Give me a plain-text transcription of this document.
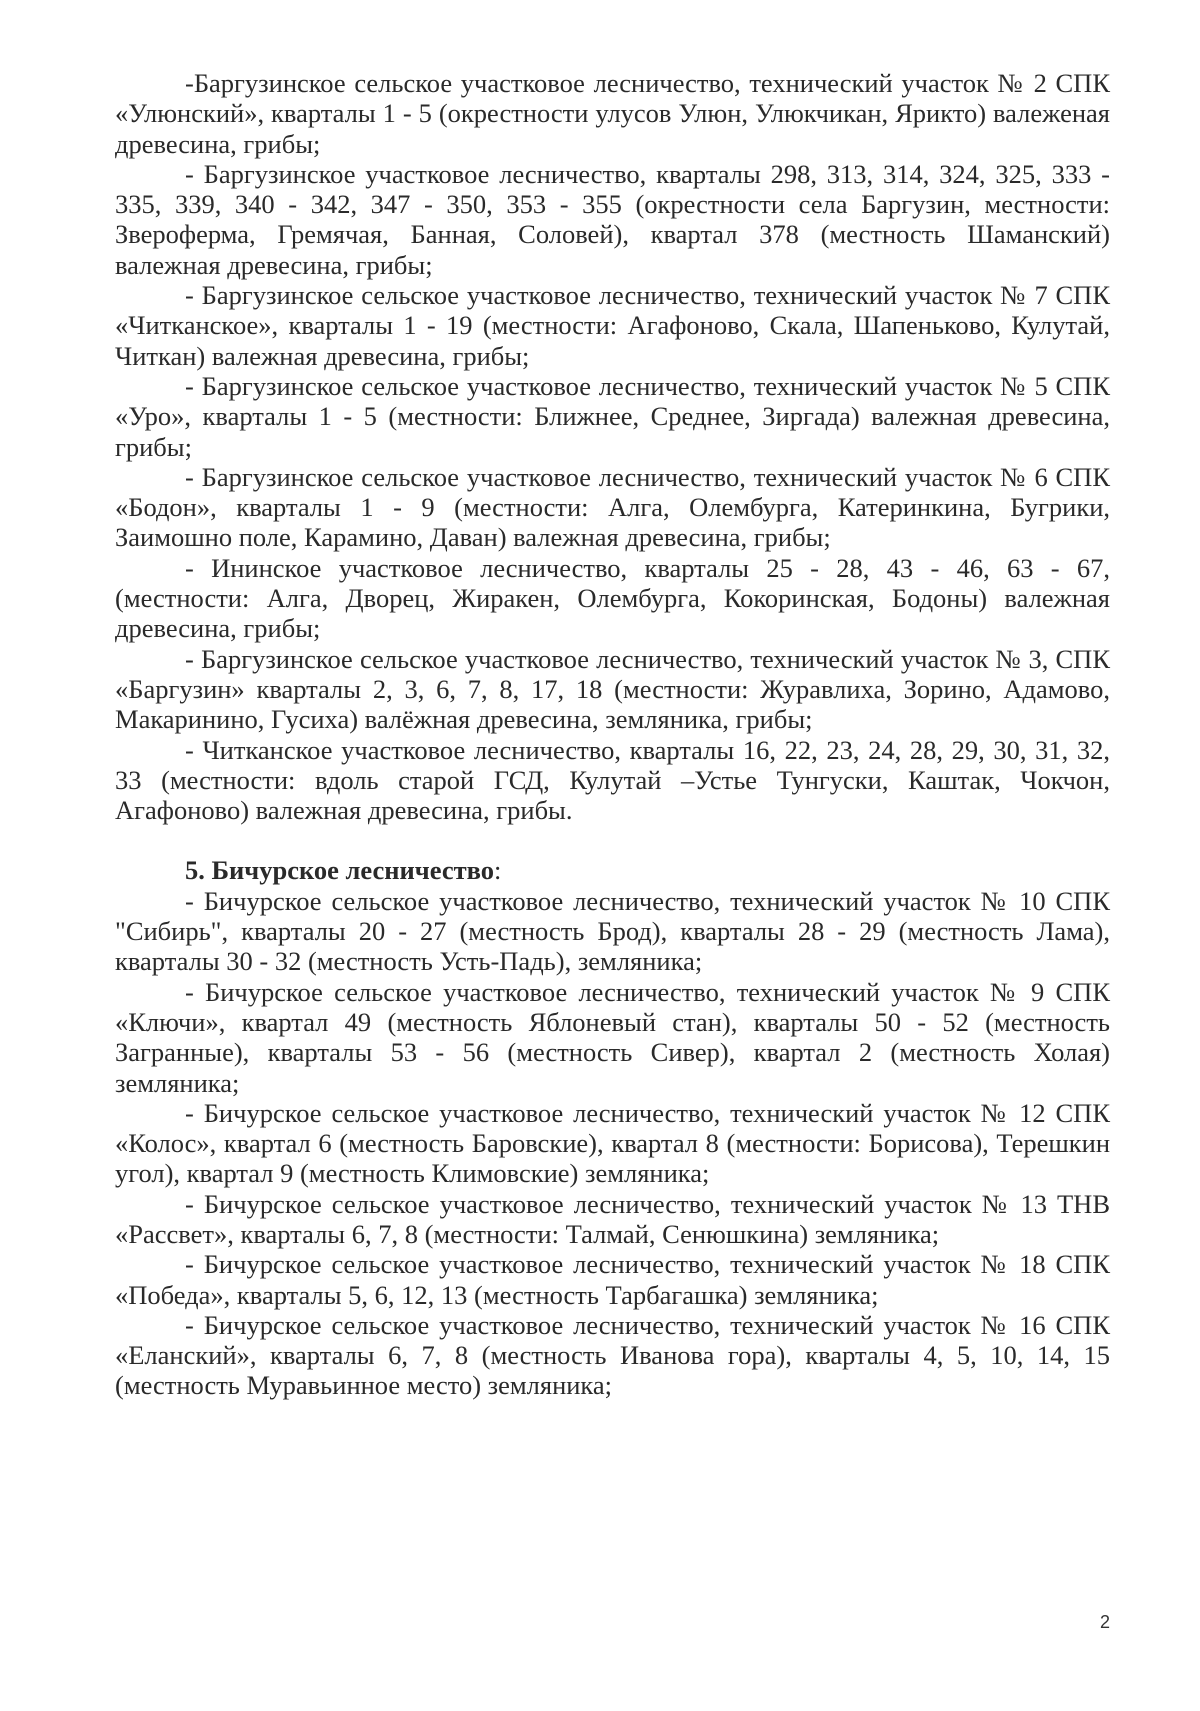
-Баргузинское сельское участковое лесничество, технический участок № 2 СПК «Улюнский», кварталы 1 - 5 (окрестности улусов Улюн, Улюкчикан, Ярикто) валеженая древесина, грибы;

- Баргузинское участковое лесничество, кварталы 298, 313, 314, 324, 325, 333 - 335, 339, 340 - 342, 347 - 350, 353 - 355 (окрестности села Баргузин, местности: Звероферма, Гремячая, Банная, Соловей), квартал 378 (местность Шаманский) валежная древесина, грибы;

- Баргузинское сельское участковое лесничество, технический участок № 7 СПК «Читканское», кварталы 1 - 19 (местности: Агафоново, Скала, Шапеньково, Кулутай, Читкан) валежная древесина, грибы;

- Баргузинское сельское участковое лесничество, технический участок № 5 СПК «Уро», кварталы 1 - 5 (местности: Ближнее, Среднее, Зиргада) валежная древесина, грибы;

- Баргузинское сельское участковое лесничество, технический участок № 6 СПК «Бодон», кварталы 1 - 9 (местности: Алга, Олембурга, Катеринкина, Бугрики, Заимошно поле, Карамино, Даван) валежная древесина, грибы;

- Ининское участковое лесничество, кварталы 25 - 28, 43 - 46, 63 - 67, (местности: Алга, Дворец, Жиракен, Олембурга, Кокоринская, Бодоны) валежная древесина, грибы;

- Баргузинское сельское участковое лесничество, технический участок № 3, СПК «Баргузин» кварталы 2, 3, 6, 7, 8, 17, 18 (местности: Журавлиха, Зорино, Адамово, Макаринино, Гусиха) валёжная древесина, земляника, грибы;

- Читканское участковое лесничество, кварталы 16, 22, 23, 24, 28, 29, 30, 31, 32, 33 (местности: вдоль старой ГСД, Кулутай –Устье Тунгуски, Каштак, Чокчон, Агафоново) валежная древесина, грибы.

5. Бичурское лесничество:

- Бичурское сельское участковое лесничество, технический участок № 10 СПК "Сибирь", кварталы 20 - 27 (местность Брод), кварталы 28 - 29 (местность Лама), кварталы 30 - 32 (местность Усть-Падь), земляника;

- Бичурское сельское участковое лесничество, технический участок № 9 СПК «Ключи», квартал 49 (местность Яблоневый стан), кварталы 50 - 52 (местность Загранные), кварталы 53 - 56 (местность Сивер), квартал 2 (местность Холая) земляника;

- Бичурское сельское участковое лесничество, технический участок № 12 СПК «Колос», квартал 6 (местность Баровские), квартал 8 (местности: Борисова), Терешкин угол), квартал 9 (местность Климовские) земляника;

- Бичурское сельское участковое лесничество, технический участок № 13 ТНВ «Рассвет», кварталы 6, 7, 8 (местности: Талмай, Сенюшкина) земляника;

- Бичурское сельское участковое лесничество, технический участок № 18 СПК «Победа», кварталы 5, 6, 12, 13 (местность Тарбагашка) земляника;

- Бичурское сельское участковое лесничество, технический участок № 16 СПК «Еланский», кварталы 6, 7, 8 (местность Иванова гора), кварталы 4, 5, 10, 14, 15 (местность Муравьинное место) земляника;

2
